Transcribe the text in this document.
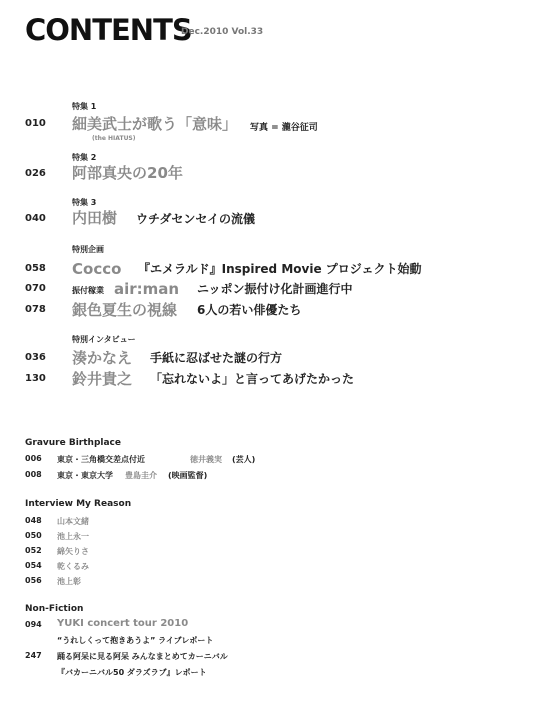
CONTENTS
Dec.2010 Vol.33
特集 1
010 細美武士が歌う「意味」 写真 = 瀧谷征司
(the HIATUS)
特集 2
026 阿部真央の20年
特集 3
040 内田樹 ウチダセンセイの流儀
特別企画
058 Cocco 『エメラルド』Inspired Movie プロジェクト始動
070	振付稼業 air:man ニッポン振付け化計画進行中
078 銀色夏生の視線 6人の若い俳優たち
特別インタビュー
036 湊かなえ 手紙に忍ばせた謎の行方
130 鈴井貴之 「忘れないよ」と言ってあげたかった
Gravure Birthplace
006 東京・三角橋交差点付近	徳井義実 (芸人)
008 東京・東京大学 豊島圭介 (映画監督)
Interview My Reason
048 山本文緒
050 池上永一
052 綿矢りさ
054 乾くるみ
056 池上彰
Non-Fiction
094 YUKI concert tour 2010
“うれしくって抱きあうよ” ライブレポート
247 踊る阿呆に見る阿呆 みんなまとめてカーニバル
『バカーニバル50 ダラズラブ』レポート
